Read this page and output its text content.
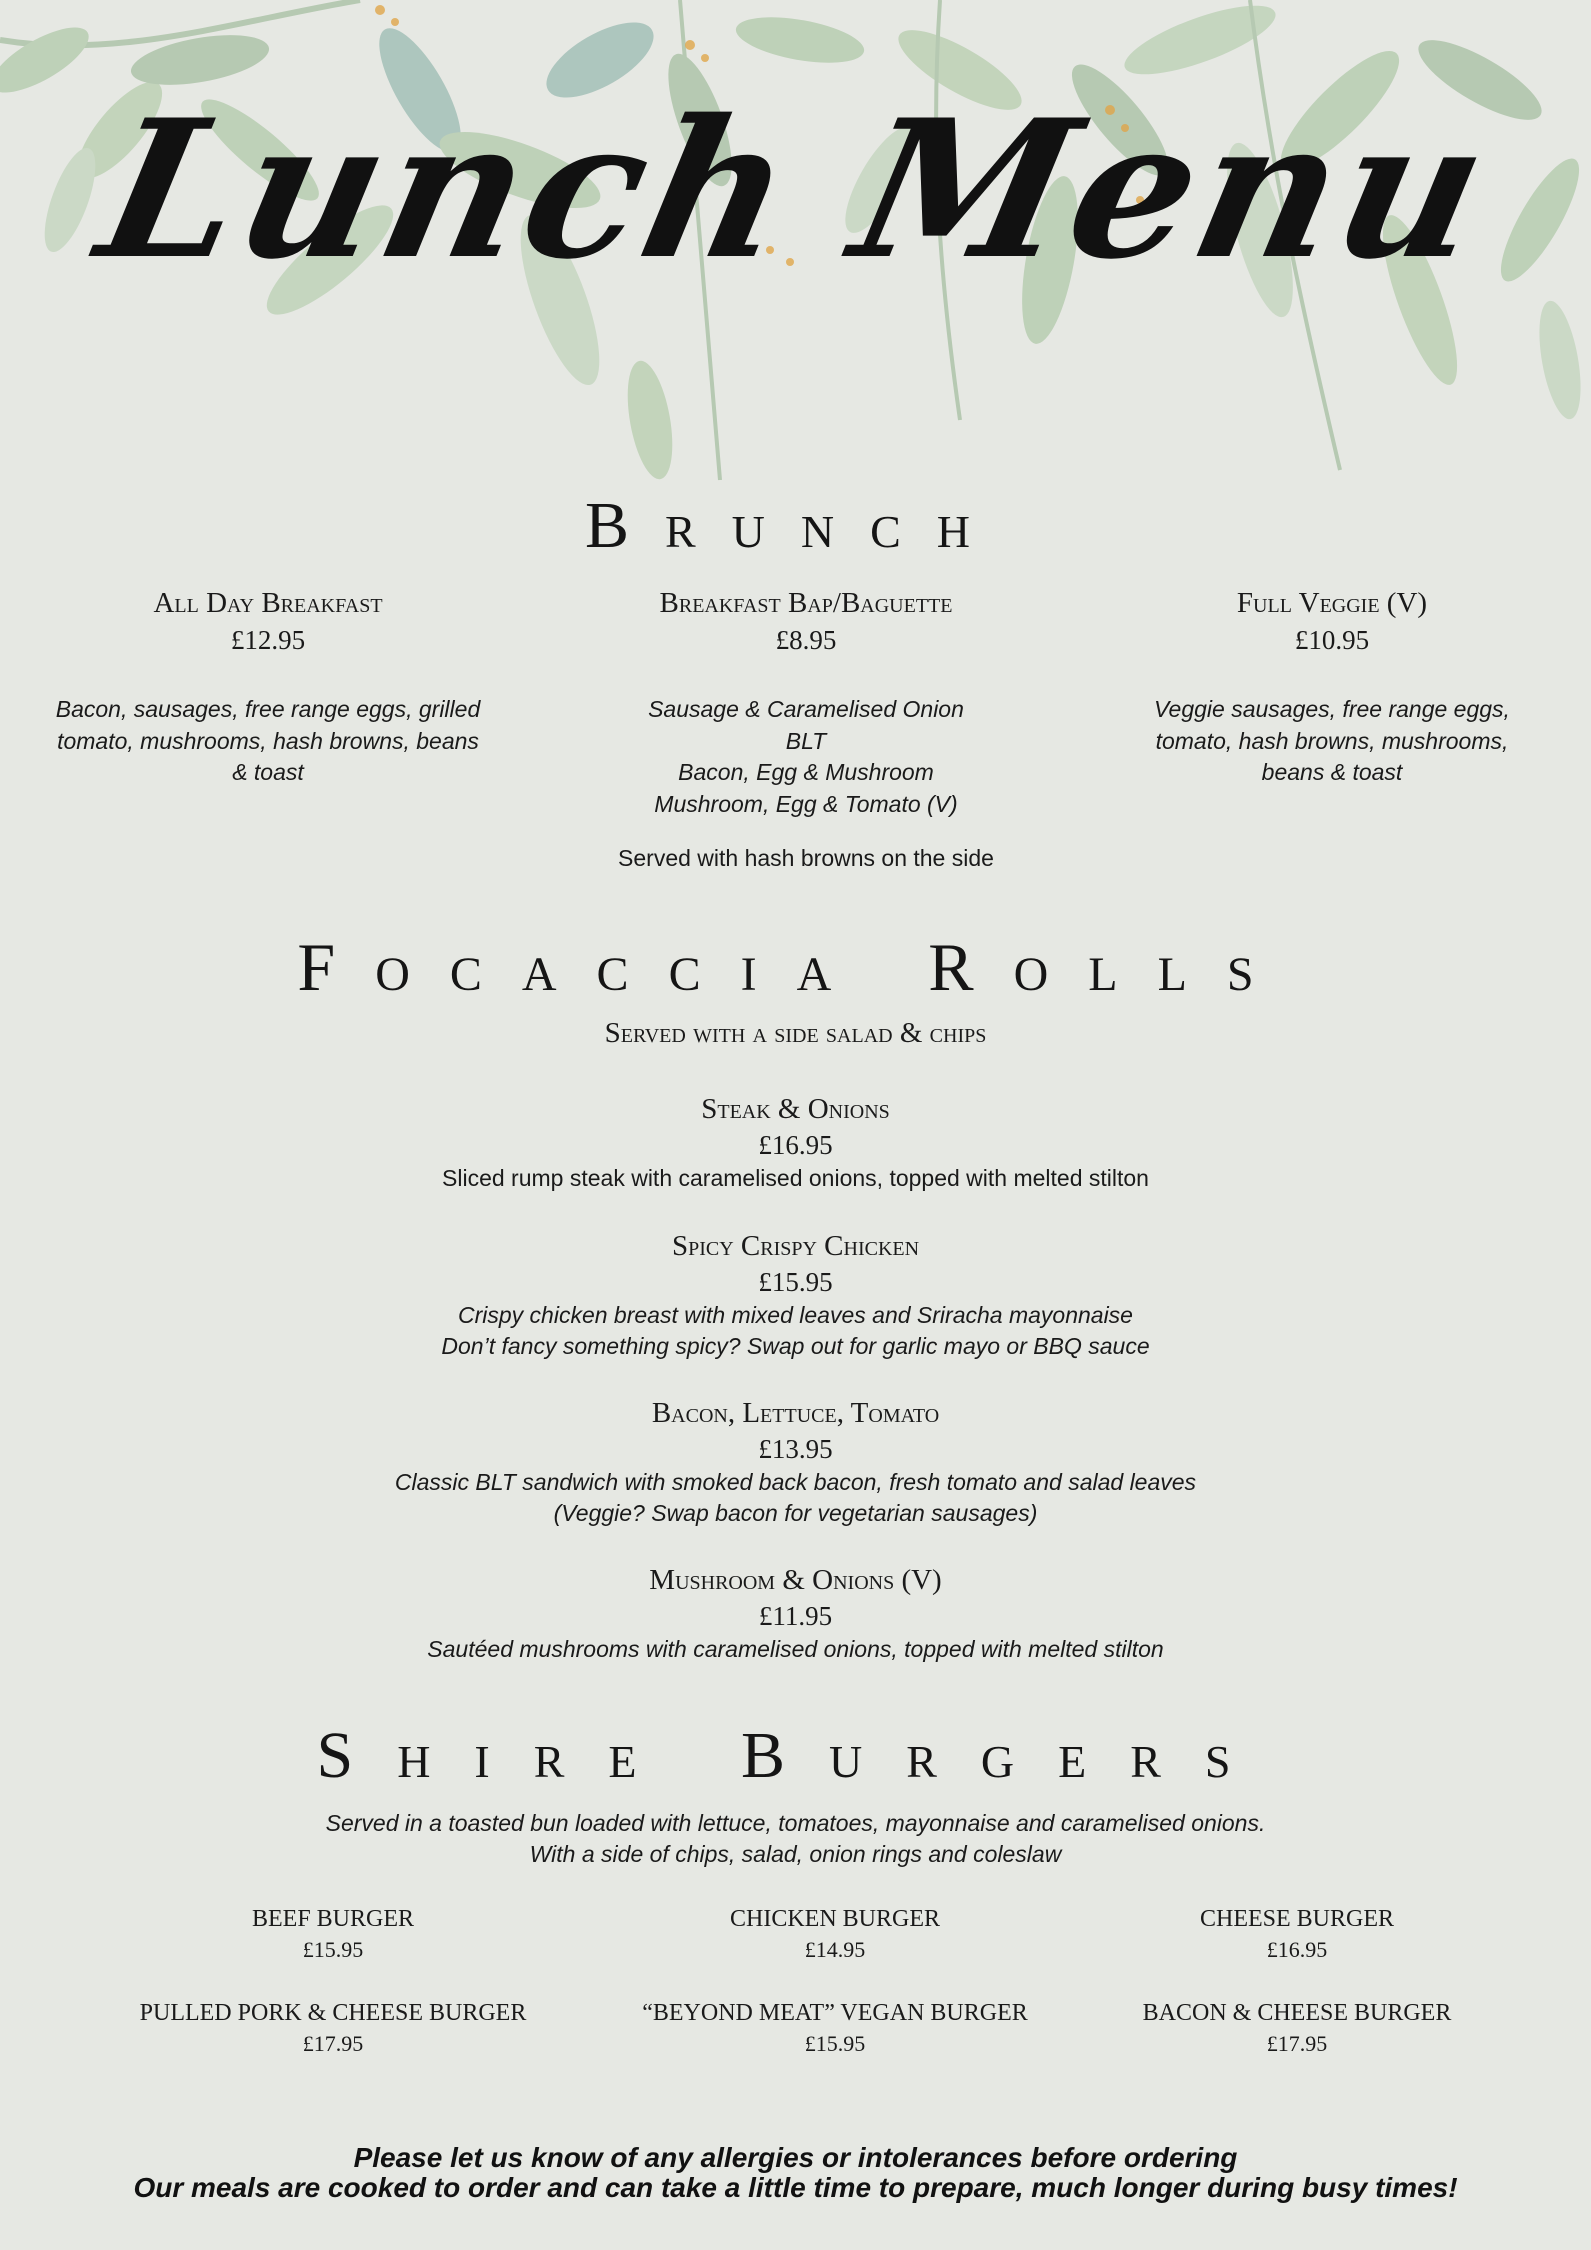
Lunch Menu
Brunch
All Day Breakfast
£12.95
Bacon, sausages, free range eggs, grilled
tomato, mushrooms, hash browns, beans
& toast
Breakfast Bap/Baguette
£8.95
Sausage & Caramelised Onion
BLT
Bacon, Egg & Mushroom
Mushroom, Egg & Tomato (V)
Full Veggie (V)
£10.95
Veggie sausages, free range eggs,
tomato, hash browns, mushrooms,
beans & toast
Served with hash browns on the side
Focaccia Rolls
Served with a side salad & chips
Steak & Onions
£16.95
Sliced rump steak with caramelised onions, topped with melted stilton
Spicy Crispy Chicken
£15.95
Crispy chicken breast with mixed leaves and Sriracha mayonnaise
Don’t fancy something spicy? Swap out for garlic mayo or BBQ sauce
Bacon, Lettuce, Tomato
£13.95
Classic BLT sandwich with smoked back bacon, fresh tomato and salad leaves
(Veggie? Swap bacon for vegetarian sausages)
Mushroom & Onions (V)
£11.95
Sautéed mushrooms with caramelised onions, topped with melted stilton
Shire Burgers
Served in a toasted bun loaded with lettuce, tomatoes, mayonnaise and caramelised onions.
With a side of chips, salad, onion rings and coleslaw
BEEF BURGER
£15.95
CHICKEN BURGER
£14.95
CHEESE BURGER
£16.95
PULLED PORK & CHEESE BURGER
£17.95
“BEYOND MEAT” VEGAN BURGER
£15.95
BACON & CHEESE BURGER
£17.95
Please let us know of any allergies or intolerances before ordering
Our meals are cooked to order and can take a little time to prepare, much longer during busy times!
